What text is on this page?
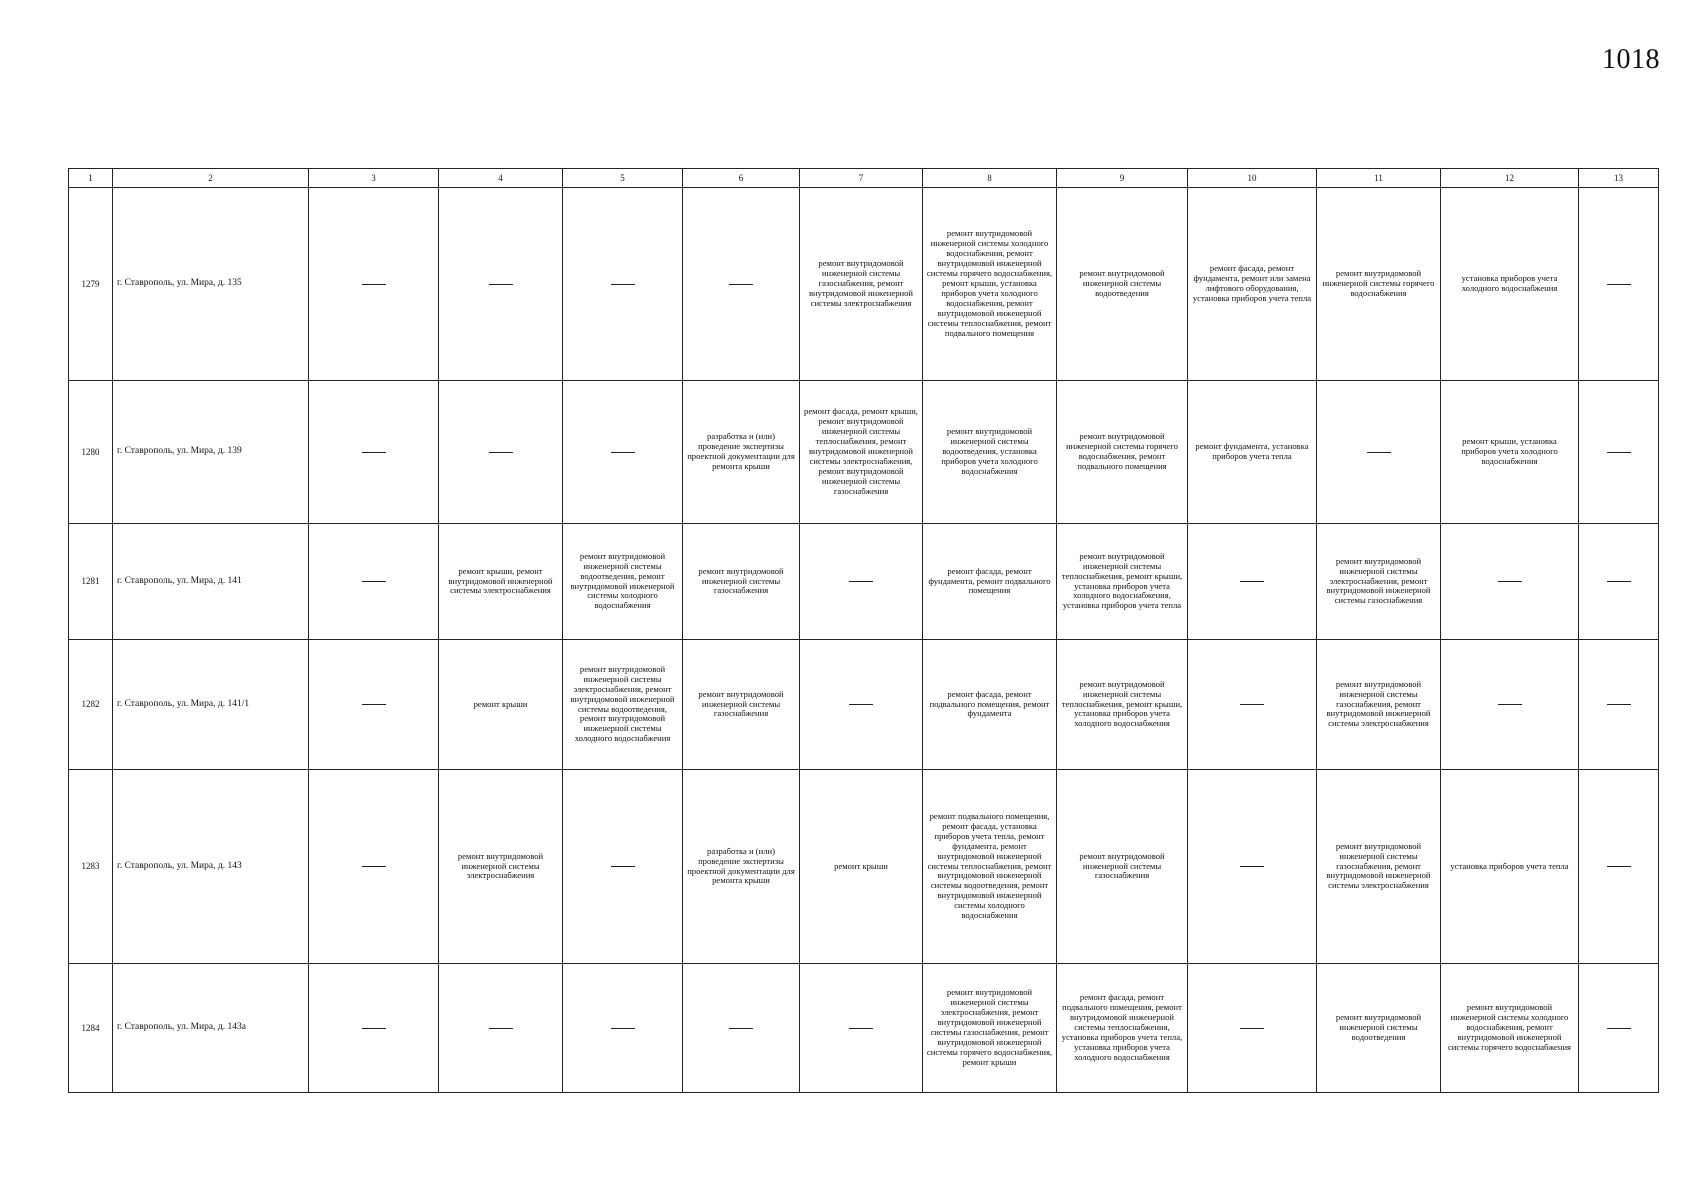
1018
1	2	3	4	5	6	7	8	9	10	11	12	13
1279	г. Ставрополь, ул. Мира, д. 135					ремонт внутридомовой инженерной системы газоснабжения, ремонт внутридомовой инженерной системы электроснабжения	ремонт внутридомовой инженерной системы холодного водоснабжения, ремонт внутридомовой инженерной системы горячего водоснабжения, ремонт крыши, установка приборов учета холодного водоснабжения, ремонт внутридомовой инженерной системы теплоснабжения, ремонт подвального помещения	ремонт внутридомовой инженерной системы водоотведения	ремонт фасада, ремонт фундамента, ремонт или замена лифтового оборудования, установка приборов учета тепла	ремонт внутридомовой инженерной системы горячего водоснабжения	установка приборов учета холодного водоснабжения	
1280	г. Ставрополь, ул. Мира, д. 139				разработка и (или) проведение экспертизы проектной документации для ремонта крыши	ремонт фасада, ремонт крыши, ремонт внутридомовой инженерной системы теплоснабжения, ремонт внутридомовой инженерной системы электроснабжения, ремонт внутридомовой инженерной системы газоснабжения	ремонт внутридомовой инженерной системы водоотведения, установка приборов учета холодного водоснабжения	ремонт внутридомовой инженерной системы горячего водоснабжения, ремонт подвального помещения	ремонт фундамента, установка приборов учета тепла		ремонт крыши, установка приборов учета холодного водоснабжения	
1281	г. Ставрополь, ул. Мира, д. 141		ремонт крыши, ремонт внутридомовой инженерной системы электроснабжения	ремонт внутридомовой инженерной системы водоотведения, ремонт внутридомовой инженерной системы холодного водоснабжения	ремонт внутридомовой инженерной системы газоснабжения		ремонт фасада, ремонт фундамента, ремонт подвального помещения	ремонт внутридомовой инженерной системы теплоснабжения, ремонт крыши, установка приборов учета холодного водоснабжения, установка приборов учета тепла		ремонт внутридомовой инженерной системы электроснабжения, ремонт внутридомовой инженерной системы газоснабжения		
1282	г. Ставрополь, ул. Мира, д. 141/1		ремонт крыши	ремонт внутридомовой инженерной системы электроснабжения, ремонт внутридомовой инженерной системы водоотведения, ремонт внутридомовой инженерной системы холодного водоснабжения	ремонт внутридомовой инженерной системы газоснабжения		ремонт фасада, ремонт подвального помещения, ремонт фундамента	ремонт внутридомовой инженерной системы теплоснабжения, ремонт крыши, установка приборов учета холодного водоснабжения		ремонт внутридомовой инженерной системы газоснабжения, ремонт внутридомовой инженерной системы электроснабжения		
1283	г. Ставрополь, ул. Мира, д. 143		ремонт внутридомовой инженерной системы электроснабжения		разработка и (или) проведение экспертизы проектной документации для ремонта крыши	ремонт крыши	ремонт подвального помещения, ремонт фасада, установка приборов учета тепла, ремонт фундамента, ремонт внутридомовой инженерной системы теплоснабжения, ремонт внутридомовой инженерной системы водоотведения, ремонт внутридомовой инженерной системы холодного водоснабжения	ремонт внутридомовой инженерной системы газоснабжения		ремонт внутридомовой инженерной системы газоснабжения, ремонт внутридомовой инженерной системы электроснабжения	установка приборов учета тепла	
1284	г. Ставрополь, ул. Мира, д. 143а						ремонт внутридомовой инженерной системы электроснабжения, ремонт внутридомовой инженерной системы газоснабжения, ремонт внутридомовой инженерной системы горячего водоснабжения, ремонт крыши	ремонт фасада, ремонт подвального помещения, ремонт внутридомовой инженерной системы теплоснабжения, установка приборов учета тепла, установка приборов учета холодного водоснабжения		ремонт внутридомовой инженерной системы водоотведения	ремонт внутридомовой инженерной системы холодного водоснабжения, ремонт внутридомовой инженерной системы горячего водоснабжения	
